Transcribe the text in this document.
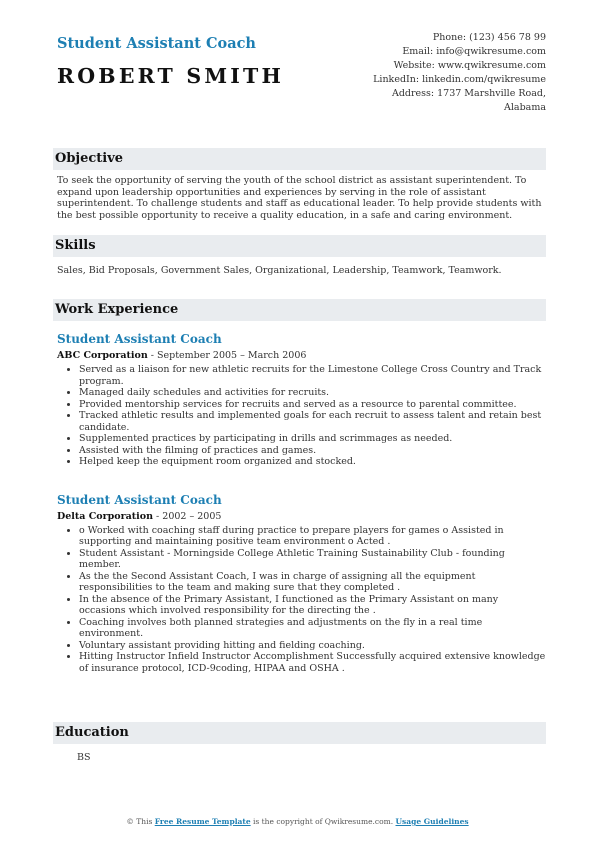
Student Assistant Coach
ROBERT SMITH
Phone: (123) 456 78 99
Email: info@qwikresume.com
Website: www.qwikresume.com
LinkedIn: linkedin.com/qwikresume
Address: 1737 Marshville Road,
Alabama
Objective
To seek the opportunity of serving the youth of the school district as assistant superintendent. To expand upon leadership opportunities and experiences by serving in the role of assistant superintendent. To challenge students and staff as educational leader. To help provide students with the best possible opportunity to receive a quality education, in a safe and caring environment.
Skills
Sales, Bid Proposals, Government Sales, Organizational, Leadership, Teamwork, Teamwork.
Work Experience
Student Assistant Coach
ABC Corporation - September 2005 – March 2006
• Served as a liaison for new athletic recruits for the Limestone College Cross Country and Track program.
• Managed daily schedules and activities for recruits.
• Provided mentorship services for recruits and served as a resource to parental committee.
• Tracked athletic results and implemented goals for each recruit to assess talent and retain best candidate.
• Supplemented practices by participating in drills and scrimmages as needed.
• Assisted with the filming of practices and games.
• Helped keep the equipment room organized and stocked.
Student Assistant Coach
Delta Corporation - 2002 – 2005
• o Worked with coaching staff during practice to prepare players for games o Assisted in supporting and maintaining positive team environment o Acted .
• Student Assistant - Morningside College Athletic Training Sustainability Club - founding member.
• As the the Second Assistant Coach, I was in charge of assigning all the equipment responsibilities to the team and making sure that they completed .
• In the absence of the Primary Assistant, I functioned as the Primary Assistant on many occasions which involved responsibility for the directing the .
• Coaching involves both planned strategies and adjustments on the fly in a real time environment.
• Voluntary assistant providing hitting and fielding coaching.
• Hitting Instructor Infield Instructor Accomplishment Successfully acquired extensive knowledge of insurance protocol, ICD-9coding, HIPAA and OSHA .
Education
BS
© This Free Resume Template is the copyright of Qwikresume.com. Usage Guidelines
